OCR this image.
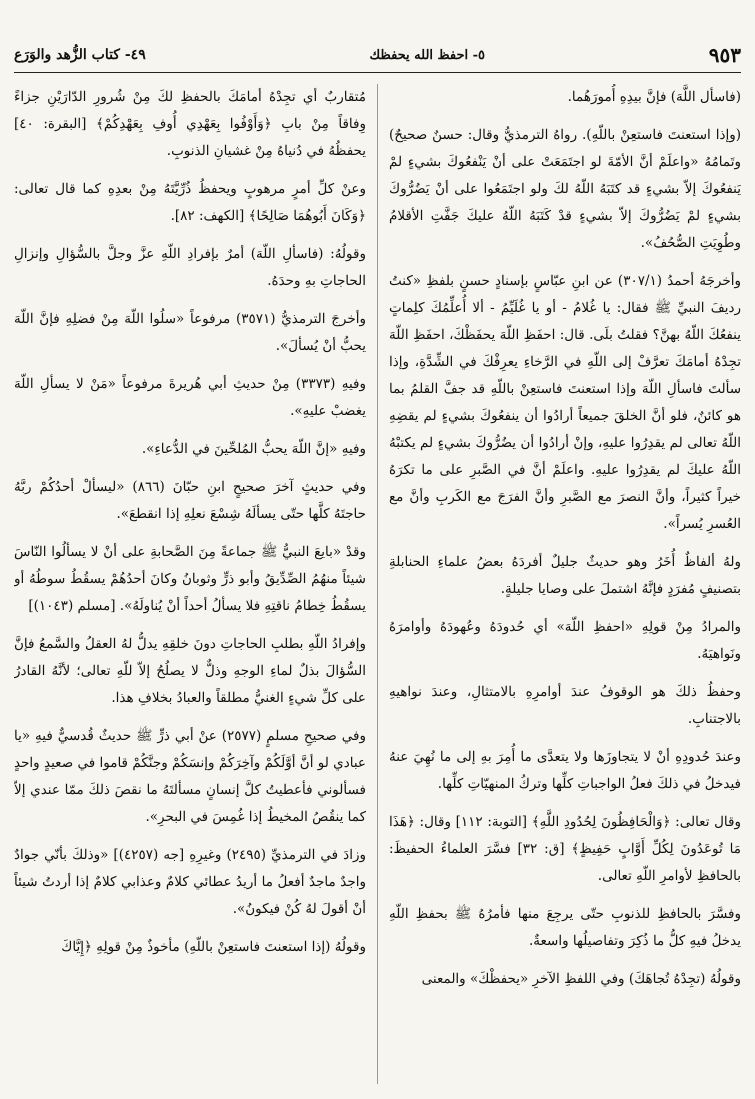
٩٥٣
٥- احفظ الله يحفظك
٤٩- كتاب الزُّهد والوَرَع

(فاسأل اللَّهَ) فإنَّ بيدِهِ أُمورَهُما.

(وإذا استعنتَ فاستعِنْ باللّهِ). رواهُ الترمذيُّ وقال: حسنٌ صحيحٌ) وتَمامُهُ «واعلَمْ أنَّ الأمّةَ لو اجتَمَعَتْ على أنْ يَنْفعُوكَ بشيءٍ لمْ يَنفعُوكَ إلاّ بشيءٍ قد كتَبَهُ اللّهُ لكَ ولو اجتَمَعُوا على أنْ يَضُرُّوكَ بشيءٍ لمْ يَضُرُّوكَ إلاّ بشيءٍ قدْ كَتَبَهُ اللّهُ عليكَ جَفَّتِ الأقلامُ وطُوِيَتِ الصُّحُفُ».

وأخرجَهُ أحمدُ (٣٠٧/١) عن ابنِ عبّاسٍ بإسنادٍ حسنٍ بلفظِ «كنتُ رديفَ النبيِّ ﷺ فقال: يا غُلامُ - أو يا غُلَيِّمُ - ألا أُعلِّمُكَ كلِماتٍ ينفعُكَ اللّهُ بهنَّ؟ فقلتُ بلَى. قال: احفَظِ اللّهَ يحفَظْكَ، احفَظِ اللّهَ تجِدْهُ أمامَكَ تعرَّفْ إلى اللّهِ في الرَّخاءِ يعرِفْكَ في الشِّدَّةِ، وإذا سألتَ فاسألِ اللّهَ وإذا استعنتَ فاستعِنْ باللّهِ قد جفَّ القلمُ بما هو كائنٌ، فلو أنَّ الخلقَ جميعاً أرادُوا أن ينفعُوكَ بشيءٍ لم يقضِهِ اللّهُ تعالى لم يقدِرُوا عليهِ، وإنْ أرادُوا أن يضُرُّوكَ بشيءٍ لم يكتبْهُ اللّهُ عليكَ لم يقدِرُوا عليهِ. واعلَمْ أنَّ في الصَّبرِ على ما تكرَهُ خيراً كثيراً، وأنَّ النصرَ مع الصَّبرِ وأنَّ الفرَجَ مع الكَربِ وأنَّ مع العُسرِ يُسراً».

ولهُ ألفاظٌ أُخَرُ وهو حديثٌ جليلٌ أفردَهُ بعضُ علماءِ الحنابلةِ بتصنيفٍ مُفرَدٍ فإنَّهُ اشتملَ على وصايا جليلةٍ.

والمرادُ مِنْ قولِهِ «احفظِ اللّهَ» أي حُدودَهُ وعُهودَهُ وأوامرَهُ ونَواهيَهُ.

وحفظُ ذلكَ هو الوقوفُ عندَ أوامرِهِ بالامتثالِ، وعندَ نواهيهِ بالاجتنابِ.

وعندَ حُدودِهِ أنْ لا يتجاوزَها ولا يتعدَّى ما أُمِرَ بهِ إلى ما نُهِيَ عنهُ فيدخلُ في ذلكَ فعلُ الواجباتِ كلِّها وتركُ المنهيّاتِ كلِّها.

وقال تعالى: ﴿وَالْحَافِظُونَ لِحُدُودِ اللَّهِ﴾ [التوبة: ١١٢] وقال: ﴿هَذَا مَا تُوعَدُونَ لِكُلِّ أَوَّابٍ حَفِيظٍ﴾ [ق: ٣٢] فسَّرَ العلماءُ الحفيظَ: بالحافظِ لأوامرِ اللّهِ تعالى.

وفسَّرَ بالحافظِ للذنوبِ حتّى يرجِعَ منها فأمرُهُ ﷺ بحفظِ اللّهِ يدخلُ فيهِ كلُّ ما ذُكِرَ وتفاصيلُها واسعةٌ.

وقولُهُ (تجِدْهُ تُجاهَكَ) وفي اللفظِ الآخرِ «يحفظْكَ» والمعنى

مُتقاربٌ أي تجِدْهُ أمامَكَ بالحفظِ لكَ مِنْ شُرورِ الدّارَيْنِ جزاءً وِفاقاً مِنْ بابِ ﴿وَأَوْفُوا بِعَهْدِي أُوفِ بِعَهْدِكُمْ﴾ [البقرة: ٤٠] يحفظُهُ في دُنياهُ مِنْ غشيانِ الذنوبِ.

وعنْ كلِّ أمرٍ مرهوبٍ ويحفظُ ذُرِّيَّتَهُ مِنْ بعدِهِ كما قال تعالى: ﴿وَكَانَ أَبُوهُمَا صَالِحًا﴾ [الكهف: ٨٢].

وقولُهُ: (فاسألِ اللّهَ) أمرٌ بإفرادِ اللّهِ عزَّ وجلَّ بالسُّؤالِ وإنزالِ الحاجاتِ بهِ وحدَهُ.

وأخرجَ الترمذيُّ (٣٥٧١) مرفوعاً «سلُوا اللّهَ مِنْ فضلِهِ فإنَّ اللّهَ يحبُّ أنْ يُسألَ».

وفيهِ (٣٣٧٣) مِنْ حديثِ أبي هُريرةَ مرفوعاً «مَنْ لا يسألِ اللّهَ يغضبْ عليهِ».

وفيهِ «إنَّ اللّهَ يحبُّ المُلحِّينَ في الدُّعاءِ».

وفي حديثٍ آخرَ صحيحٍ ابنِ حبّانَ (٨٦٦) «ليسألْ أحدُكُمْ ربَّهُ حاجتَهُ كلَّها حتّى يسألَهُ شِسْعَ نعلِهِ إذا انقطعَ».

وقدْ «بايعَ النبيُّ ﷺ جماعةً مِنَ الصَّحابةِ على أنْ لا يسألُوا النّاسَ شيئاً منهُمُ الصِّدِّيقُ وأبو ذرٍّ وثوبانُ وكانَ أحدُهُمْ يسقُطُ سوطُهُ أو يسقُطُ خِطامُ ناقتِهِ فلا يسألُ أحداً أنْ يُناولَهُ». [مسلم (١٠٤٣)]

وإفرادُ اللّهِ بطلبِ الحاجاتِ دونَ خلقِهِ يدلُّ لهُ العقلُ والسَّمعُ فإنَّ السُّؤالَ بذلٌ لماءِ الوجهِ وذلٌّ لا يصلُحُ إلاّ للّهِ تعالى؛ لأنَّهُ القادرُ على كلِّ شيءٍ الغنيُّ مطلقاً والعبادُ بخلافِ هذا.

وفي صحيحِ مسلمٍ (٢٥٧٧) عنْ أبي ذرٍّ ﷺ حديثٌ قُدسيٌّ فيهِ «يا عبادي لو أنَّ أوَّلَكُمْ وآخِرَكُمْ وإنسَكُمْ وجنَّكُمْ قاموا في صعيدٍ واحدٍ فسألوني فأعطيتُ كلَّ إنسانٍ مسألتَهُ ما نقصَ ذلكَ ممّا عندي إلاّ كما ينقُصُ المخيطُ إذا غُمِسَ في البحرِ».

وزادَ في الترمذيِّ (٢٤٩٥) وغيرِهِ [جه (٤٢٥٧)] «وذلكَ بأنّي جوادٌ واجدٌ ماجدٌ أفعلُ ما أريدُ عطائي كلامٌ وعذابي كلامٌ إذا أردتُ شيئاً أنْ أقولَ لهُ كُنْ فيكونُ».

وقولُهُ (إذا استعنتَ فاستعِنْ باللّهِ) مأخوذٌ مِنْ قولِهِ ﴿إِيَّاكَ
